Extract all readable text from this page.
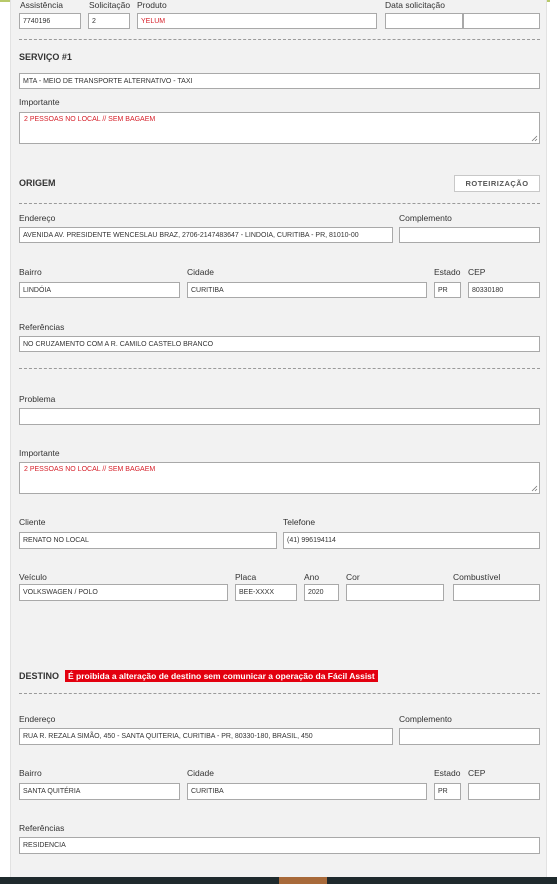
Assistência	Solicitação Produto	Data solicitação
7740196	2	YELUM
SERVIÇO #1
MTA - MEIO DE TRANSPORTE ALTERNATIVO - TAXI
Importante
2 PESSOAS NO LOCAL // SEM BAGAEM
ORIGEM	ROTEIRIZAÇÃO
Endereço	Complemento
AVENIDA AV. PRESIDENTE WENCESLAU BRAZ, 2706-2147483647 - LINDOIA, CURITIBA - PR, 81010-00
Bairro	Cidade	Estado CEP
LINDÓIA	CURITIBA	PR	80330180
Referências
NO CRUZAMENTO COM A R. CAMILO CASTELO BRANCO
Problema
Importante
2 PESSOAS NO LOCAL // SEM BAGAEM
Cliente	Telefone
RENATO NO LOCAL	(41) 996194114
Veículo	Placa	Ano	Cor	Combustível
VOLKSWAGEN / POLO	BEE-XXXX	2020
DESTINO	É proibida a alteração de destino sem comunicar a operação da Fácil Assist
Endereço	Complemento
RUA R. REZALA SIMÃO, 450 - SANTA QUITERIA, CURITIBA - PR, 80330-180, BRASIL, 450
Bairro	Cidade	Estado CEP
SANTA QUITÉRIA	CURITIBA	PR
Referências
RESIDENCIA
